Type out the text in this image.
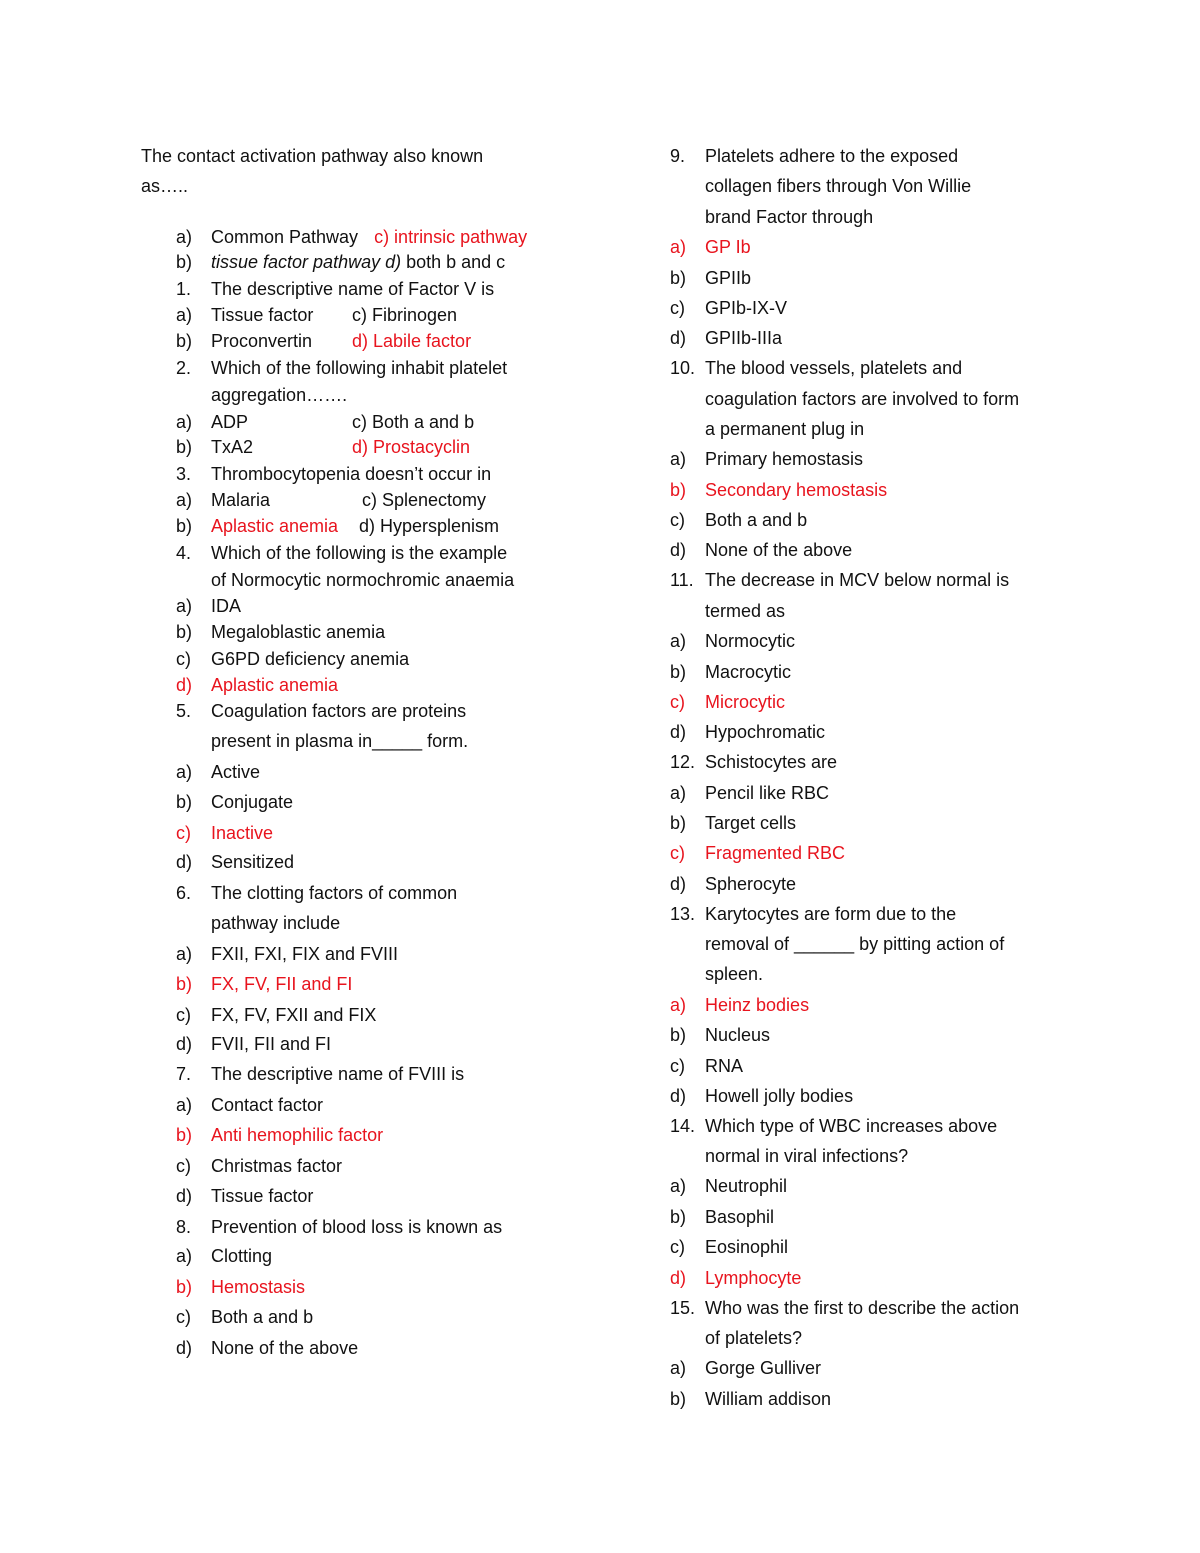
The contact activation pathway also known
as…..
a) Common Pathway c) intrinsic pathway
b) tissue factor pathway d) both b and c
1. The descriptive name of Factor V is
a) Tissue factor c) Fibrinogen
b) Proconvertin d) Labile factor
2. Which of the following inhabit platelet
aggregation…….
a) ADP	c) Both a and b
b) TxA2	d) Prostacyclin
3. Thrombocytopenia doesn’t occur in
a) Malaria	c) Splenectomy
b) Aplastic anemia d) Hypersplenism
4. Which of the following is the example
of Normocytic normochromic anaemia
a) IDA
b) Megaloblastic anemia
c) G6PD deficiency anemia
d) Aplastic anemia
5. Coagulation factors are proteins
present in plasma in_____ form.
a) Active
b) Conjugate
c) Inactive
d) Sensitized
6. The clotting factors of common
pathway include
a) FXII, FXI, FIX and FVIII
b) FX, FV, FII and FI
c) FX, FV, FXII and FIX
d) FVII, FII and FI
7. The descriptive name of FVIII is
a) Contact factor
b) Anti hemophilic factor
c) Christmas factor
d) Tissue factor
8. Prevention of blood loss is known as
a) Clotting
b) Hemostasis
c) Both a and b
d) None of the above
9. Platelets adhere to the exposed
collagen fibers through Von Willie
brand Factor through
a) GP Ib
b) GPIIb
c) GPIb-IX-V
d) GPIIb-IIIa
10. The blood vessels, platelets and
coagulation factors are involved to form
a permanent plug in
a) Primary hemostasis
b) Secondary hemostasis
c) Both a and b
d) None of the above
11. The decrease in MCV below normal is
termed as
a) Normocytic
b) Macrocytic
c) Microcytic
d) Hypochromatic
12. Schistocytes are
a) Pencil like RBC
b) Target cells
c) Fragmented RBC
d) Spherocyte
13. Karytocytes are form due to the
removal of ______ by pitting action of
spleen.
a) Heinz bodies
b) Nucleus
c) RNA
d) Howell jolly bodies
14. Which type of WBC increases above
normal in viral infections?
a) Neutrophil
b) Basophil
c) Eosinophil
d) Lymphocyte
15. Who was the first to describe the action
of platelets?
a) Gorge Gulliver
b) William addison
